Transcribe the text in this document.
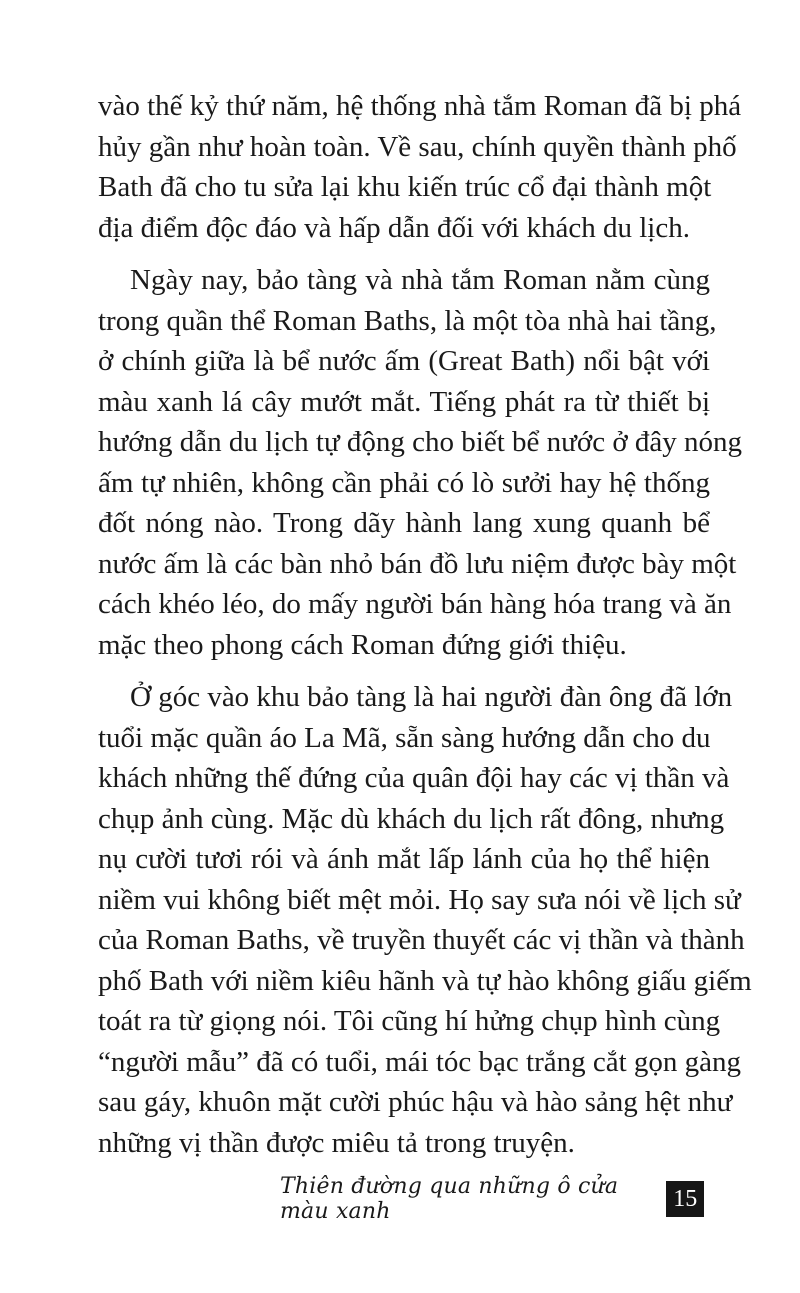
vào thế kỷ thứ năm, hệ thống nhà tắm Roman đã bị phá
hủy gần như hoàn toàn. Về sau, chính quyền thành phố
Bath đã cho tu sửa lại khu kiến trúc cổ đại thành một
địa điểm độc đáo và hấp dẫn đối với khách du lịch.
Ngày nay, bảo tàng và nhà tắm Roman nằm cùng
trong quần thể Roman Baths, là một tòa nhà hai tầng,
ở chính giữa là bể nước ấm (Great Bath) nổi bật với
màu xanh lá cây mướt mắt. Tiếng phát ra từ thiết bị
hướng dẫn du lịch tự động cho biết bể nước ở đây nóng
ấm tự nhiên, không cần phải có lò sưởi hay hệ thống
đốt nóng nào. Trong dãy hành lang xung quanh bể
nước ấm là các bàn nhỏ bán đồ lưu niệm được bày một
cách khéo léo, do mấy người bán hàng hóa trang và ăn
mặc theo phong cách Roman đứng giới thiệu.
Ở góc vào khu bảo tàng là hai người đàn ông đã lớn
tuổi mặc quần áo La Mã, sẵn sàng hướng dẫn cho du
khách những thế đứng của quân đội hay các vị thần và
chụp ảnh cùng. Mặc dù khách du lịch rất đông, nhưng
nụ cười tươi rói và ánh mắt lấp lánh của họ thể hiện
niềm vui không biết mệt mỏi. Họ say sưa nói về lịch sử
của Roman Baths, về truyền thuyết các vị thần và thành
phố Bath với niềm kiêu hãnh và tự hào không giấu giếm
toát ra từ giọng nói. Tôi cũng hí hửng chụp hình cùng
“người mẫu” đã có tuổi, mái tóc bạc trắng cắt gọn gàng
sau gáy, khuôn mặt cười phúc hậu và hào sảng hệt như
những vị thần được miêu tả trong truyện.
Thiên đường qua những ô cửa màu xanh	15
